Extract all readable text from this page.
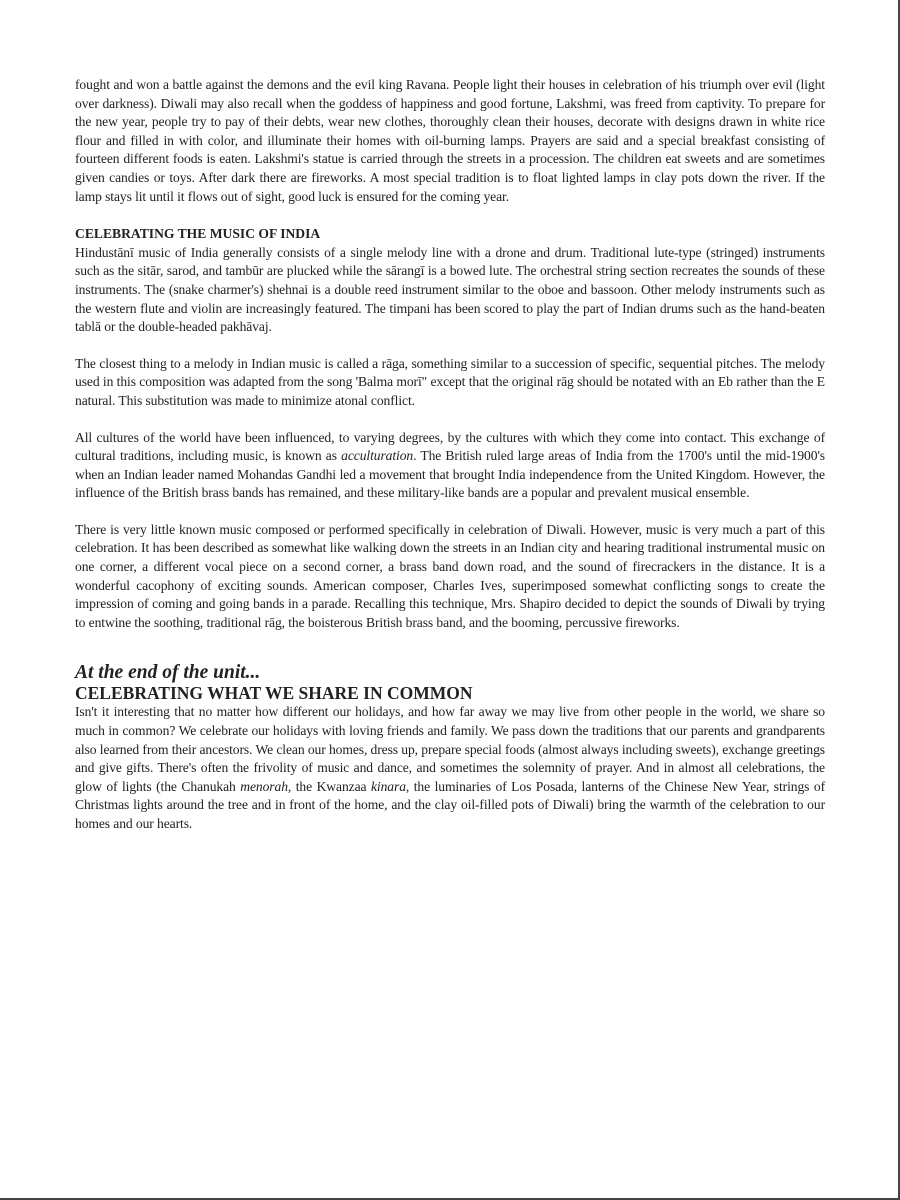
fought and won a battle against the demons and the evil king Ravana. People light their houses in celebration of his triumph over evil (light over darkness). Diwali may also recall when the goddess of happiness and good fortune, Lakshmi, was freed from captivity. To prepare for the new year, people try to pay of their debts, wear new clothes, thoroughly clean their houses, decorate with designs drawn in white rice flour and filled in with color, and illuminate their homes with oil-burning lamps. Prayers are said and a special breakfast consisting of fourteen different foods is eaten. Lakshmi's statue is carried through the streets in a procession. The children eat sweets and are sometimes given candies or toys. After dark there are fireworks. A most special tradition is to float lighted lamps in clay pots down the river. If the lamp stays lit until it flows out of sight, good luck is ensured for the coming year.

CELEBRATING THE MUSIC OF INDIA

Hindustānī music of India generally consists of a single melody line with a drone and drum. Traditional lute-type (stringed) instruments such as the sitār, sarod, and tambūr are plucked while the sārangī is a bowed lute. The orchestral string section recreates the sounds of these instruments. The (snake charmer's) shehnai is a double reed instrument similar to the oboe and bassoon. Other melody instruments such as the western flute and violin are increasingly featured. The timpani has been scored to play the part of Indian drums such as the hand-beaten tablā or the double-headed pakhāvaj.

The closest thing to a melody in Indian music is called a rāga, something similar to a succession of specific, sequential pitches. The melody used in this composition was adapted from the song 'Balma morī" except that the original rāg should be notated with an Eb rather than the E natural. This substitution was made to minimize atonal conflict.

All cultures of the world have been influenced, to varying degrees, by the cultures with which they come into contact. This exchange of cultural traditions, including music, is known as acculturation. The British ruled large areas of India from the 1700's until the mid-1900's when an Indian leader named Mohandas Gandhi led a movement that brought India independence from the United Kingdom. However, the influence of the British brass bands has remained, and these military-like bands are a popular and prevalent musical ensemble.

There is very little known music composed or performed specifically in celebration of Diwali. However, music is very much a part of this celebration. It has been described as somewhat like walking down the streets in an Indian city and hearing traditional instrumental music on one corner, a different vocal piece on a second corner, a brass band down road, and the sound of firecrackers in the distance. It is a wonderful cacophony of exciting sounds. American composer, Charles Ives, superimposed somewhat conflicting songs to create the impression of coming and going bands in a parade. Recalling this technique, Mrs. Shapiro decided to depict the sounds of Diwali by trying to entwine the soothing, traditional rāg, the boisterous British brass band, and the booming, percussive fireworks.

At the end of the unit...
CELEBRATING WHAT WE SHARE IN COMMON

Isn't it interesting that no matter how different our holidays, and how far away we may live from other people in the world, we share so much in common? We celebrate our holidays with loving friends and family. We pass down the traditions that our parents and grandparents also learned from their ancestors. We clean our homes, dress up, prepare special foods (almost always including sweets), exchange greetings and give gifts. There's often the frivolity of music and dance, and sometimes the solemnity of prayer. And in almost all celebrations, the glow of lights (the Chanukah menorah, the Kwanzaa kinara, the luminaries of Los Posada, lanterns of the Chinese New Year, strings of Christmas lights around the tree and in front of the home, and the clay oil-filled pots of Diwali) bring the warmth of the celebration to our homes and our hearts.
